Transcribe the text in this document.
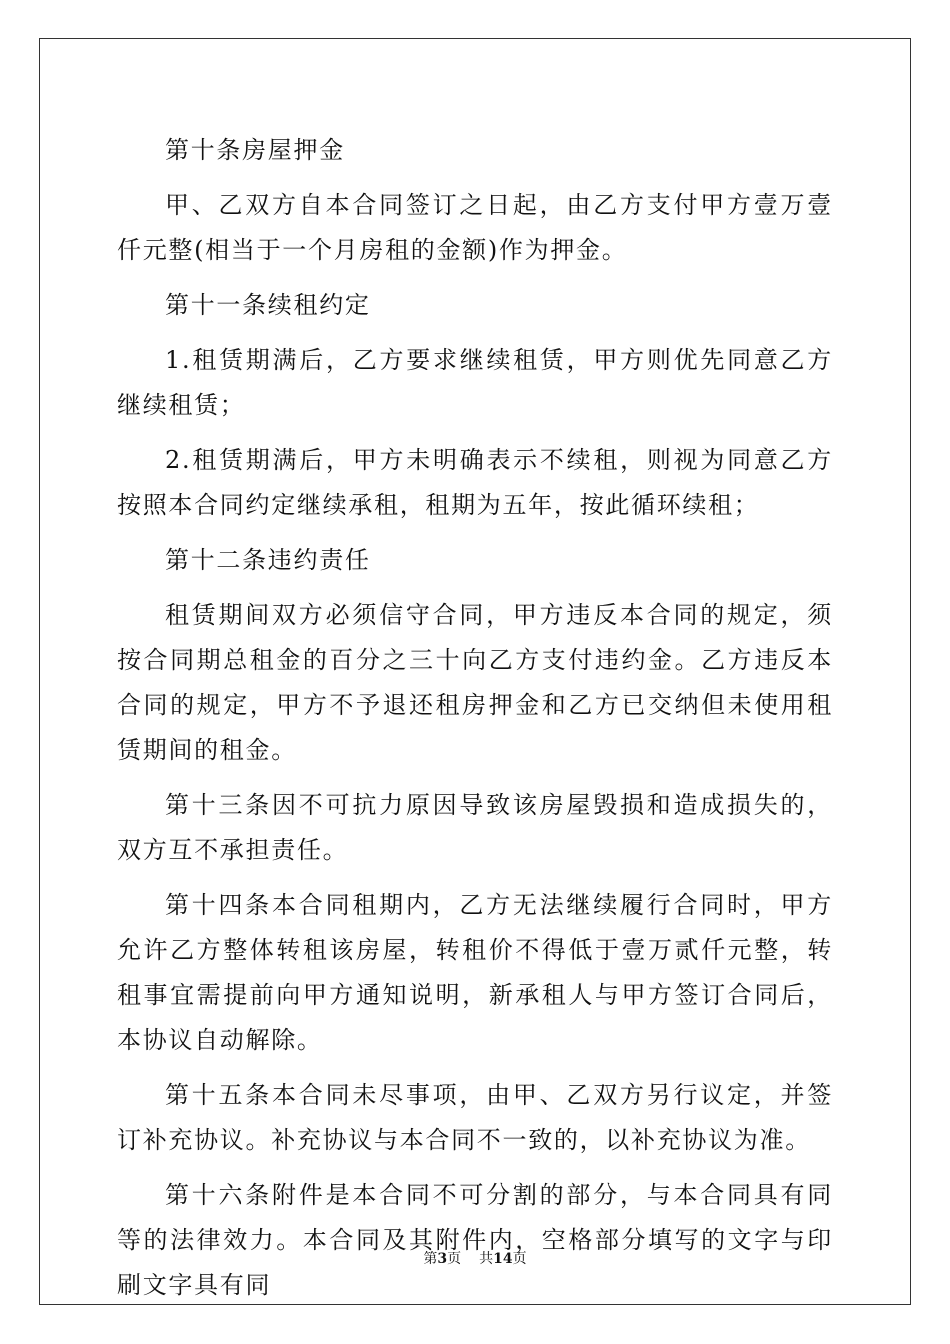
第十条房屋押金

甲、乙双方自本合同签订之日起，由乙方支付甲方壹万壹仟元整(相当于一个月房租的金额)作为押金。

第十一条续租约定

1.租赁期满后，乙方要求继续租赁，甲方则优先同意乙方继续租赁；

2.租赁期满后，甲方未明确表示不续租，则视为同意乙方按照本合同约定继续承租，租期为五年，按此循环续租；

第十二条违约责任

租赁期间双方必须信守合同，甲方违反本合同的规定，须按合同期总租金的百分之三十向乙方支付违约金。乙方违反本合同的规定，甲方不予退还租房押金和乙方已交纳但未使用租赁期间的租金。

第十三条因不可抗力原因导致该房屋毁损和造成损失的，双方互不承担责任。

第十四条本合同租期内，乙方无法继续履行合同时，甲方允许乙方整体转租该房屋，转租价不得低于壹万贰仟元整，转租事宜需提前向甲方通知说明，新承租人与甲方签订合同后，本协议自动解除。

第十五条本合同未尽事项，由甲、乙双方另行议定，并签订补充协议。补充协议与本合同不一致的，以补充协议为准。

第十六条附件是本合同不可分割的部分，与本合同具有同等的法律效力。本合同及其附件内，空格部分填写的文字与印刷文字具有同

第3页 共14页
